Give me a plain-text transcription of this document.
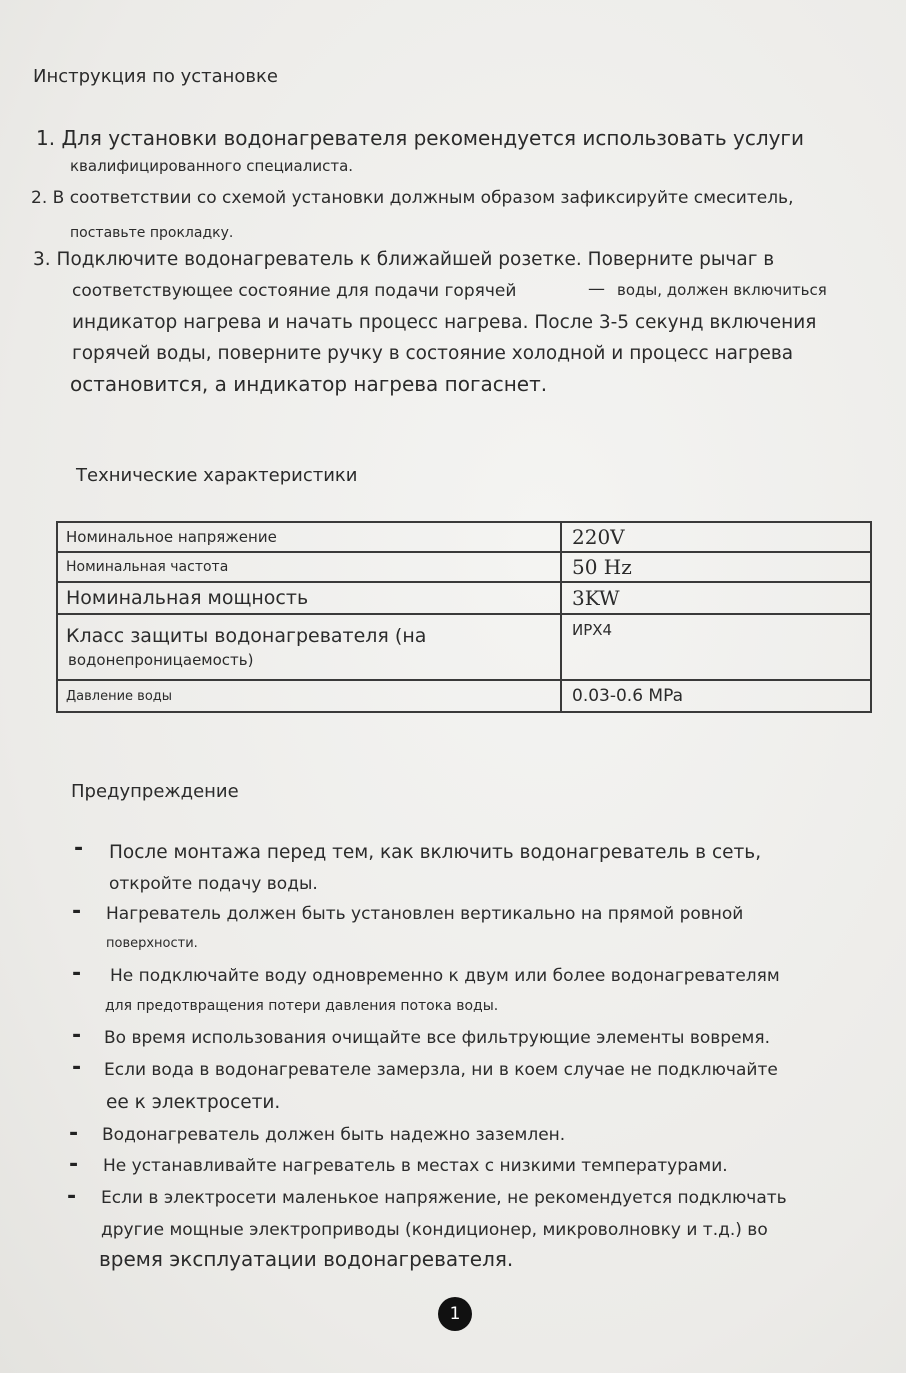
Инструкция по установке
1. Для установки водонагревателя рекомендуется использовать услуги
квалифицированного специалиста.
2. В соответствии со схемой установки должным образом зафиксируйте смеситель,
поставьте прокладку.
3. Подключите водонагреватель к ближайшей розетке. Поверните рычаг в
соответствующее состояние для подачи горячей	— воды, должен включиться
индикатор нагрева и начать процесс нагрева. После 3-5 секунд включения
горячей воды, поверните ручку в состояние холодной и процесс нагрева
остановится, а индикатор нагрева погаснет.
Технические характеристики
Номинальное напряжение	220V
Номинальная частота	50 Hz
Номинальная мощность	3KW

Класс защиты водонагревателя (на
водонепроницаемость)	ИРХ4
Давление воды	0.03-0.6 MPa
Предупреждение
- После монтажа перед тем, как включить водонагреватель в сеть,
откройте подачу воды.
- Нагреватель должен быть установлен вертикально на прямой ровной
поверхности.
- Не подключайте воду одновременно к двум или более водонагревателям
для предотвращения потери давления потока воды.
- Во время использования очищайте все фильтрующие элементы вовремя.
- Если вода в водонагревателе замерзла, ни в коем случае не подключайте
ее к электросети.
- Водонагреватель должен быть надежно заземлен.
- Не устанавливайте нагреватель в местах с низкими температурами.
- Если в электросети маленькое напряжение, не рекомендуется подключать
другие мощные электроприводы (кондиционер, микроволновку и т.д.) во
время эксплуатации водонагревателя.
1
